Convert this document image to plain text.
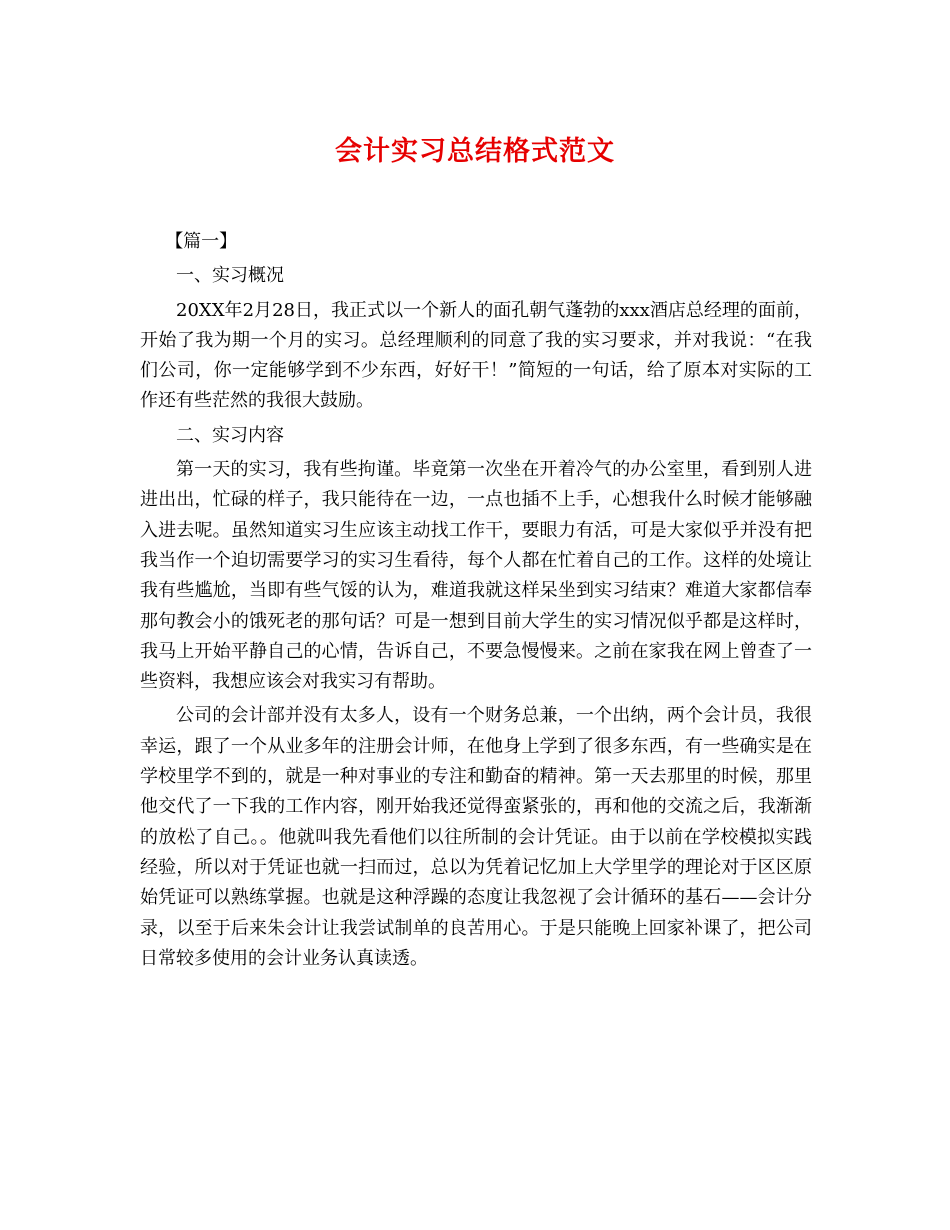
会计实习总结格式范文

【篇一】

一、实习概况

20XX年2月28日，我正式以一个新人的面孔朝气蓬勃的xxx酒店总经理的面前，开始了我为期一个月的实习。总经理顺利的同意了我的实习要求，并对我说：“在我们公司，你一定能够学到不少东西，好好干！”简短的一句话，给了原本对实际的工作还有些茫然的我很大鼓励。

二、实习内容

第一天的实习，我有些拘谨。毕竟第一次坐在开着冷气的办公室里，看到别人进进出出，忙碌的样子，我只能待在一边，一点也插不上手，心想我什么时候才能够融入进去呢。虽然知道实习生应该主动找工作干，要眼力有活，可是大家似乎并没有把我当作一个迫切需要学习的实习生看待，每个人都在忙着自己的工作。这样的处境让我有些尴尬，当即有些气馁的认为，难道我就这样呆坐到实习结束？难道大家都信奉那句教会小的饿死老的那句话？可是一想到目前大学生的实习情况似乎都是这样时，我马上开始平静自己的心情，告诉自己，不要急慢慢来。之前在家我在网上曾查了一些资料，我想应该会对我实习有帮助。

公司的会计部并没有太多人，设有一个财务总兼，一个出纳，两个会计员，我很幸运，跟了一个从业多年的注册会计师，在他身上学到了很多东西，有一些确实是在学校里学不到的，就是一种对事业的专注和勤奋的精神。第一天去那里的时候，那里他交代了一下我的工作内容，刚开始我还觉得蛮紧张的，再和他的交流之后，我渐渐的放松了自己。。他就叫我先看他们以往所制的会计凭证。由于以前在学校模拟实践经验，所以对于凭证也就一扫而过，总以为凭着记忆加上大学里学的理论对于区区原始凭证可以熟练掌握。也就是这种浮躁的态度让我忽视了会计循环的基石——会计分录，以至于后来朱会计让我尝试制单的良苦用心。于是只能晚上回家补课了，把公司日常较多使用的会计业务认真读透。
